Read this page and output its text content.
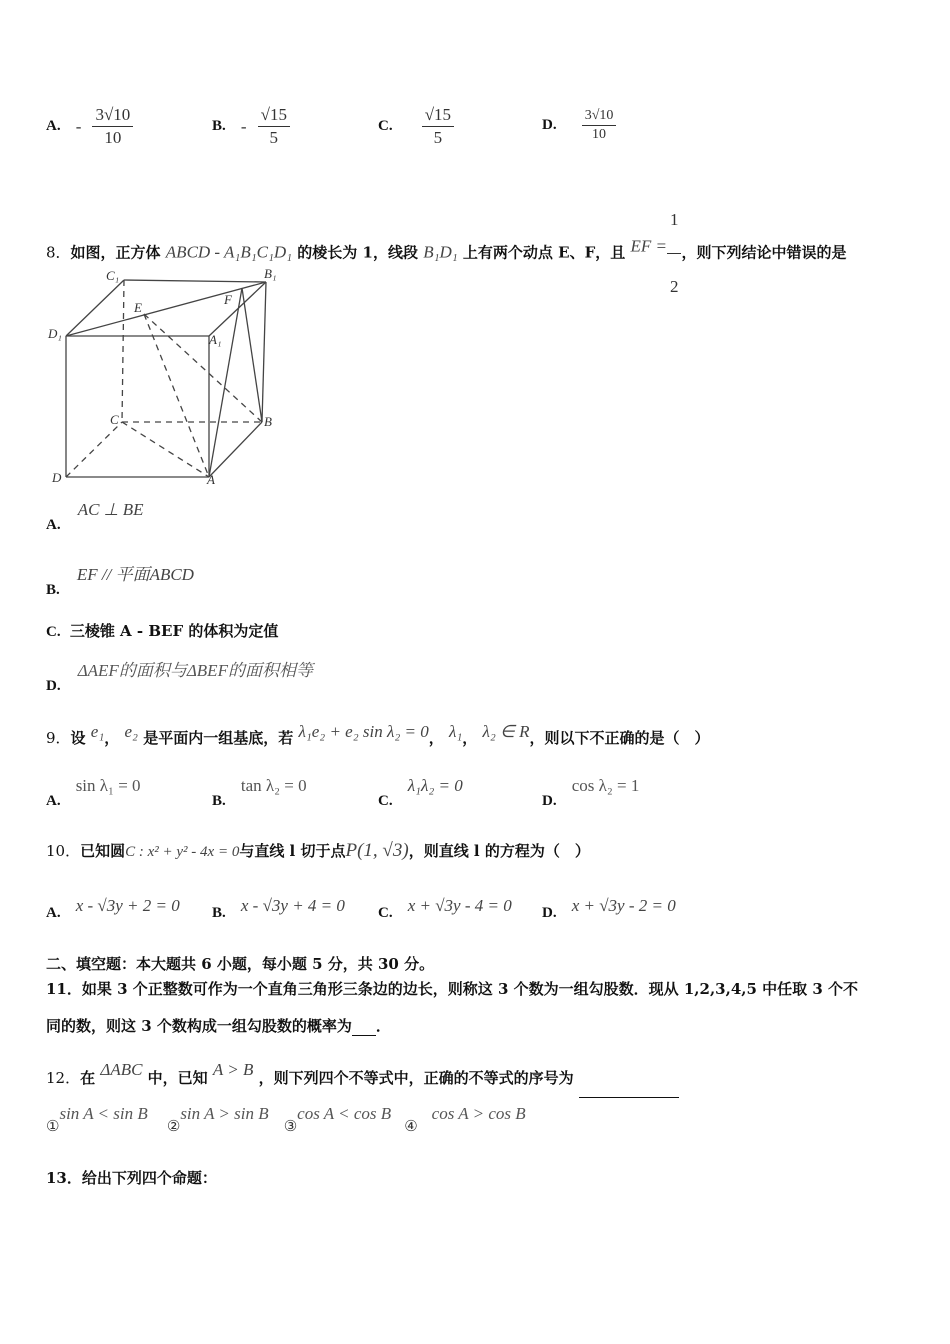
A. - $\frac{3√10}{10}$	B. - $\frac{√15}{5}$	C. $\frac{√15}{5}$	D. $\frac{3√10}{10}$
8．如图，正方体 ABCD - A₁B₁C₁D₁ 的棱长为 1，线段 B₁D₁ 上有两个动点 E、F，且 EF = $\frac{1}{2}$ ，则下列结论中错误的是
C₁	B₁
D₁	A₁
E
F
C	B
D	A
A. AC ⊥ BE
B. EF // 平面ABCD
C. 三棱锥 A - BEF 的体积为定值
D. ΔAEF的面积与ΔBEF的面积相等
9．设 e₁， e₂ 是平面内一组基底，若 λ₁e₂ + e₂ sin λ₂ = 0， λ₁， λ₂ ∈ R，则以下不正确的是（　）
A. sin λ₁ = 0
B. tan λ₂ = 0
C. λ₁λ₂ = 0
D. cos λ₂ = 1
10．已知圆C : x² + y² - 4x = 0与直线 l 切于点P(1, √3)，则直线 l 的方程为（　）
A. x - √3y + 2 = 0 B. x - √3y + 4 = 0 C. x + √3y - 4 = 0 D. x + √3y - 2 = 0
二、填空题：本大题共 6 小题，每小题 5 分，共 30 分。
11．如果 3 个正整数可作为一个直角三角形三条边的边长，则称这 3 个数为一组勾股数．现从 1,2,3,4,5 中任取 3 个不
同的数，则这 3 个数构成一组勾股数的概率为 ．
12．在 ΔABC 中，已知 A > B ，则下列四个不等式中，正确的不等式的序号为
①sin A < sin B ②sin A > sin B ③cos A < cos B ④cos A > cos B
13．给出下列四个命题：
